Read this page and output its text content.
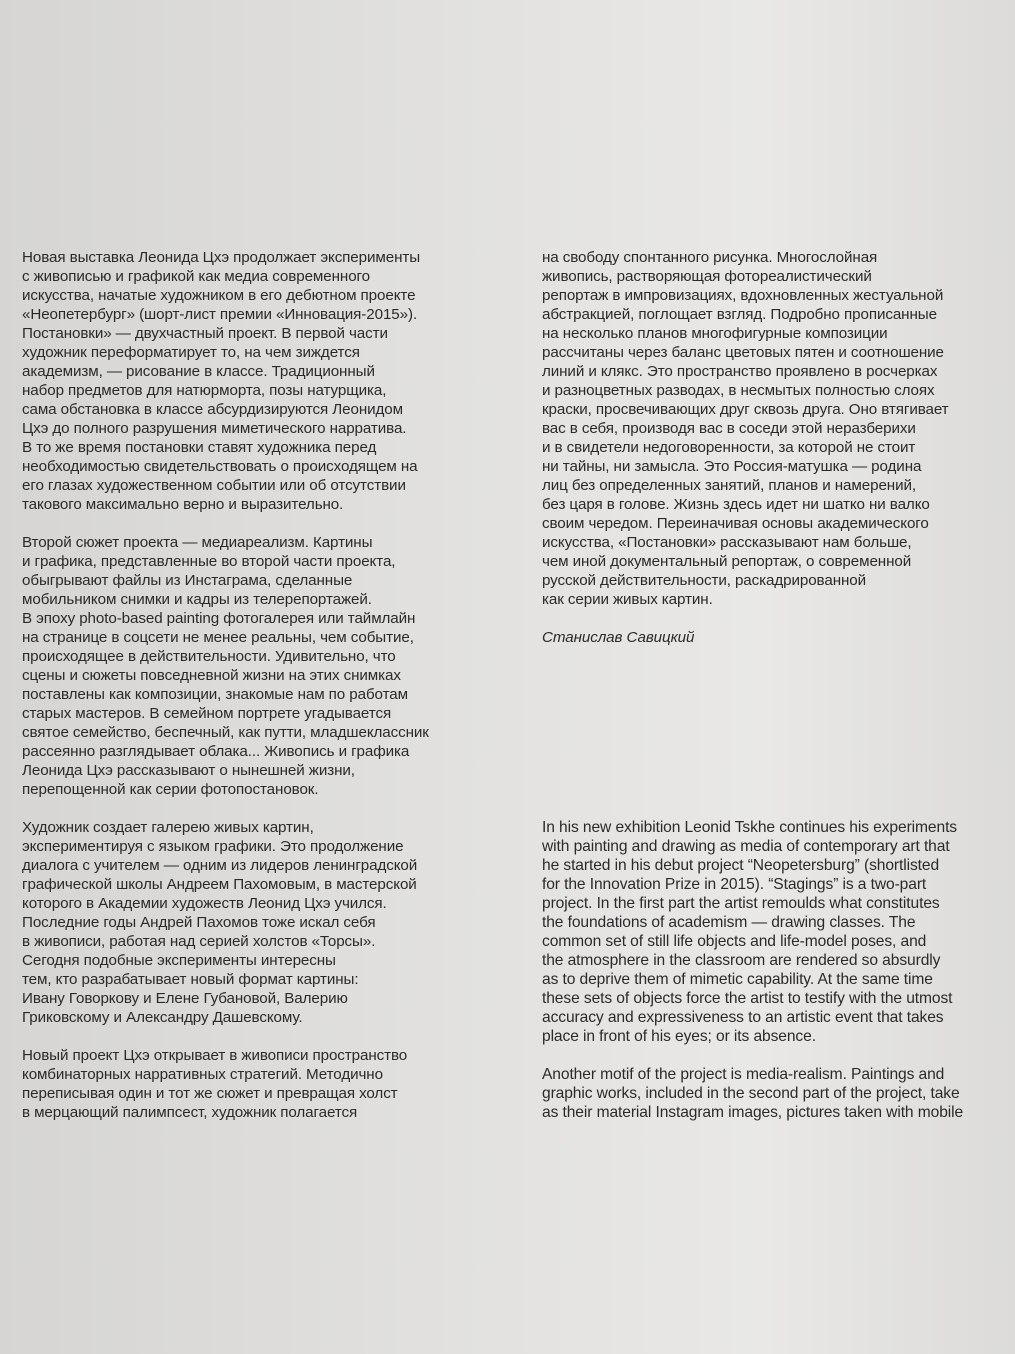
Новая выставка Леонида Цхэ продолжает эксперименты
с живописью и графикой как медиа современного
искусства, начатые художником в его дебютном проекте
«Неопетербург» (шорт-лист премии «Инновация-2015»).
Постановки» — двухчастный проект. В первой части
художник переформатирует то, на чем зиждется
академизм, — рисование в классе. Традиционный
набор предметов для натюрморта, позы натурщика,
сама обстановка в классе абсурдизируются Леонидом
Цхэ до полного разрушения миметического нарратива.
В то же время постановки ставят художника перед
необходимостью свидетельствовать о происходящем на
его глазах художественном событии или об отсутствии
такового максимально верно и выразительно.

Второй сюжет проекта — медиареализм. Картины
и графика, представленные во второй части проекта,
обыгрывают файлы из Инстаграма, сделанные
мобильником снимки и кадры из телерепортажей.
В эпоху photo-based painting фотогалерея или таймлайн
на странице в соцсети не менее реальны, чем событие,
происходящее в действительности. Удивительно, что
сцены и сюжеты повседневной жизни на этих снимках
поставлены как композиции, знакомые нам по работам
старых мастеров. В семейном портрете угадывается
святое семейство, беспечный, как путти, младшеклассник
рассеянно разглядывает облака... Живопись и графика
Леонида Цхэ рассказывают о нынешней жизни,
перепощенной как серии фотопостановок.

Художник создает галерею живых картин,
экспериментируя с языком графики. Это продолжение
диалога с учителем — одним из лидеров ленинградской
графической школы Андреем Пахомовым, в мастерской
которого в Академии художеств Леонид Цхэ учился.
Последние годы Андрей Пахомов тоже искал себя
в живописи, работая над серией холстов «Торсы».
Сегодня подобные эксперименты интересны
тем, кто разрабатывает новый формат картины:
Ивану Говоркову и Елене Губановой, Валерию
Гриковскому и Александру Дашевскому.

Новый проект Цхэ открывает в живописи пространство
комбинаторных нарративных стратегий. Методично
переписывая один и тот же сюжет и превращая холст
в мерцающий палимпсест, художник полагается

на свободу спонтанного рисунка. Многослойная
живопись, растворяющая фотореалистический
репортаж в импровизациях, вдохновленных жестуальной
абстракцией, поглощает взгляд. Подробно прописанные
на несколько планов многофигурные композиции
рассчитаны через баланс цветовых пятен и соотношение
линий и клякс. Это пространство проявлено в росчерках
и разноцветных разводах, в несмытых полностью слоях
краски, просвечивающих друг сквозь друга. Оно втягивает
вас в себя, производя вас в соседи этой неразберихи
и в свидетели недоговоренности, за которой не стоит
ни тайны, ни замысла. Это Россия-матушка — родина
лиц без определенных занятий, планов и намерений,
без царя в голове. Жизнь здесь идет ни шатко ни валко
своим чередом. Переиначивая основы академического
искусства, «Постановки» рассказывают нам больше,
чем иной документальный репортаж, о современной
русской действительности, раскадрированной
как серии живых картин.

Станислав Савицкий

In his new exhibition Leonid Tskhe continues his experiments
with painting and drawing as media of contemporary art that
he started in his debut project “Neopetersburg” (shortlisted
for the Innovation Prize in 2015). “Stagings” is a two-part
project. In the first part the artist remoulds what constitutes
the foundations of academism — drawing classes. The
common set of still life objects and life-model poses, and
the atmosphere in the classroom are rendered so absurdly
as to deprive them of mimetic capability. At the same time
these sets of objects force the artist to testify with the utmost
accuracy and expressiveness to an artistic event that takes
place in front of his eyes; or its absence.

Another motif of the project is media-realism. Paintings and
graphic works, included in the second part of the project, take
as their material Instagram images, pictures taken with mobile
